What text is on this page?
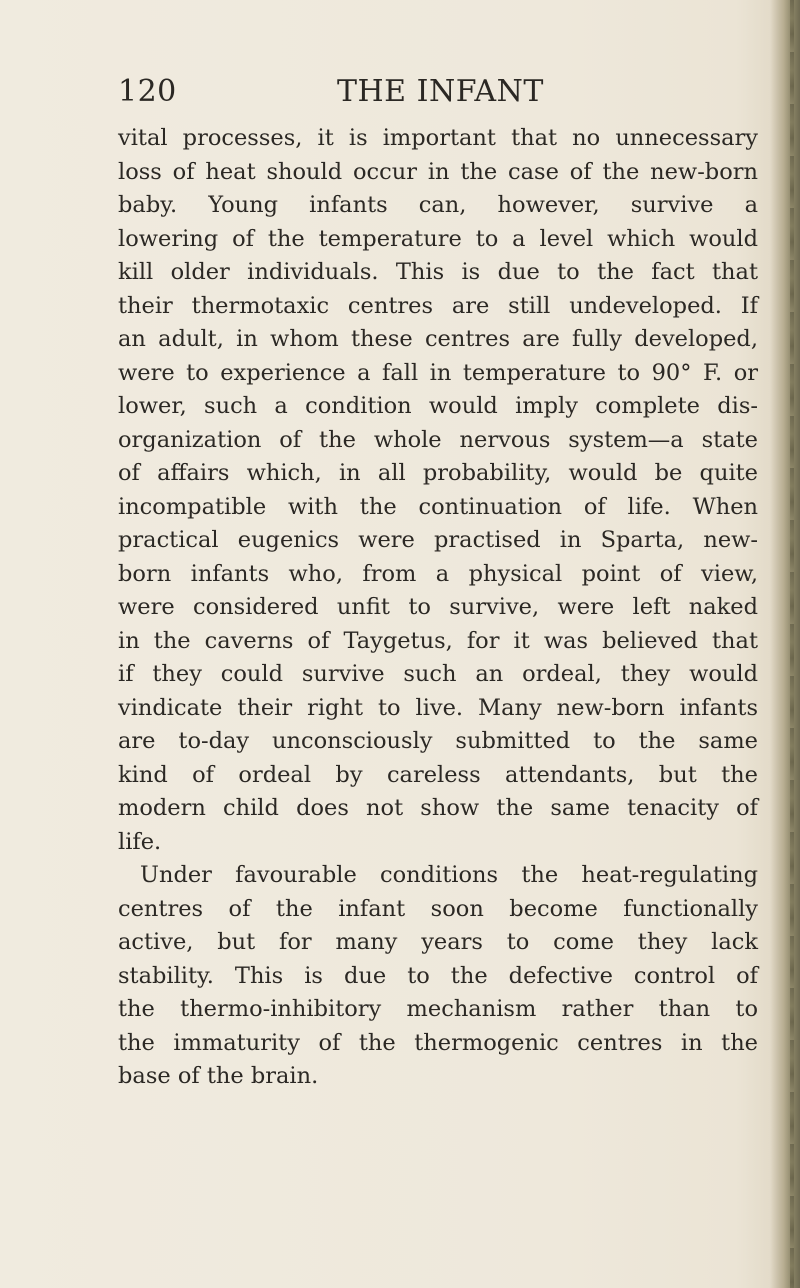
120	THE INFANT
vital processes, it is important that no unnecessary
loss of heat should occur in the case of the new-born
baby. Young infants can, however, survive a
lowering of the temperature to a level which would
kill older individuals. This is due to the fact that
their thermotaxic centres are still undeveloped. If
an adult, in whom these centres are fully developed,
were to experience a fall in temperature to 90° F. or
lower, such a condition would imply complete dis-
organization of the whole nervous system—a state
of affairs which, in all probability, would be quite
incompatible with the continuation of life. When
practical eugenics were practised in Sparta, new-
born infants who, from a physical point of view,
were considered unfit to survive, were left naked
in the caverns of Taygetus, for it was believed that
if they could survive such an ordeal, they would
vindicate their right to live. Many new-born infants
are to-day unconsciously submitted to the same
kind of ordeal by careless attendants, but the
modern child does not show the same tenacity of
life.
Under favourable conditions the heat-regulating
centres of the infant soon become functionally
active, but for many years to come they lack
stability. This is due to the defective control of
the thermo-inhibitory mechanism rather than to
the immaturity of the thermogenic centres in the
base of the brain.
